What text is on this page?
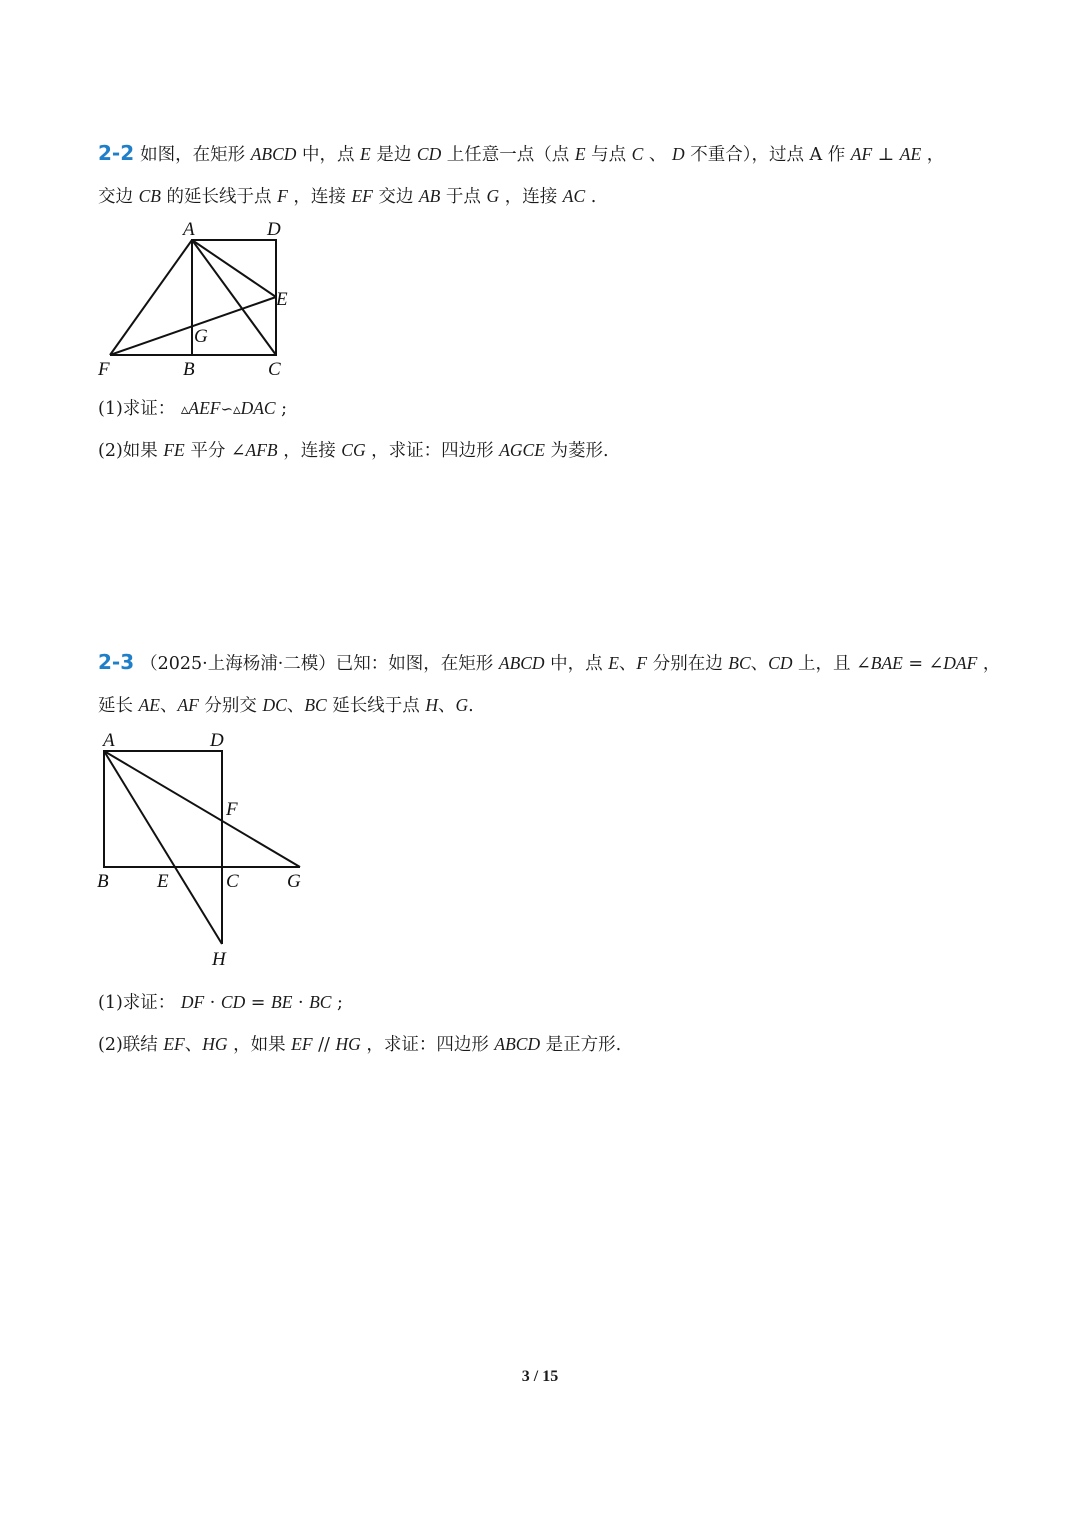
2-2 如图，在矩形 ABCD 中，点 E 是边 CD 上任意一点（点 E 与点 C 、 D 不重合），过点 A 作 AF ⊥ AE ，
交边 CB 的延长线于点 F ，连接 EF 交边 AB 于点 G ，连接 AC .
A	D
E
G
F	B	C
A	D
F
B	E	C	G
H
(1)求证： ▵AEF∽▵DAC ;
(2)如果 FE 平分 ∠AFB ，连接 CG ，求证：四边形 AGCE 为菱形.
2-3 （2025·上海杨浦·二模）已知：如图，在矩形 ABCD 中，点 E、F 分别在边 BC、CD 上，且 ∠BAE = ∠DAF ，
延长 AE、AF 分别交 DC、BC 延长线于点 H、G.
(1)求证： DF · CD = BE · BC ;
(2)联结 EF、HG ，如果 EF // HG ，求证：四边形 ABCD 是正方形.
3 / 15
